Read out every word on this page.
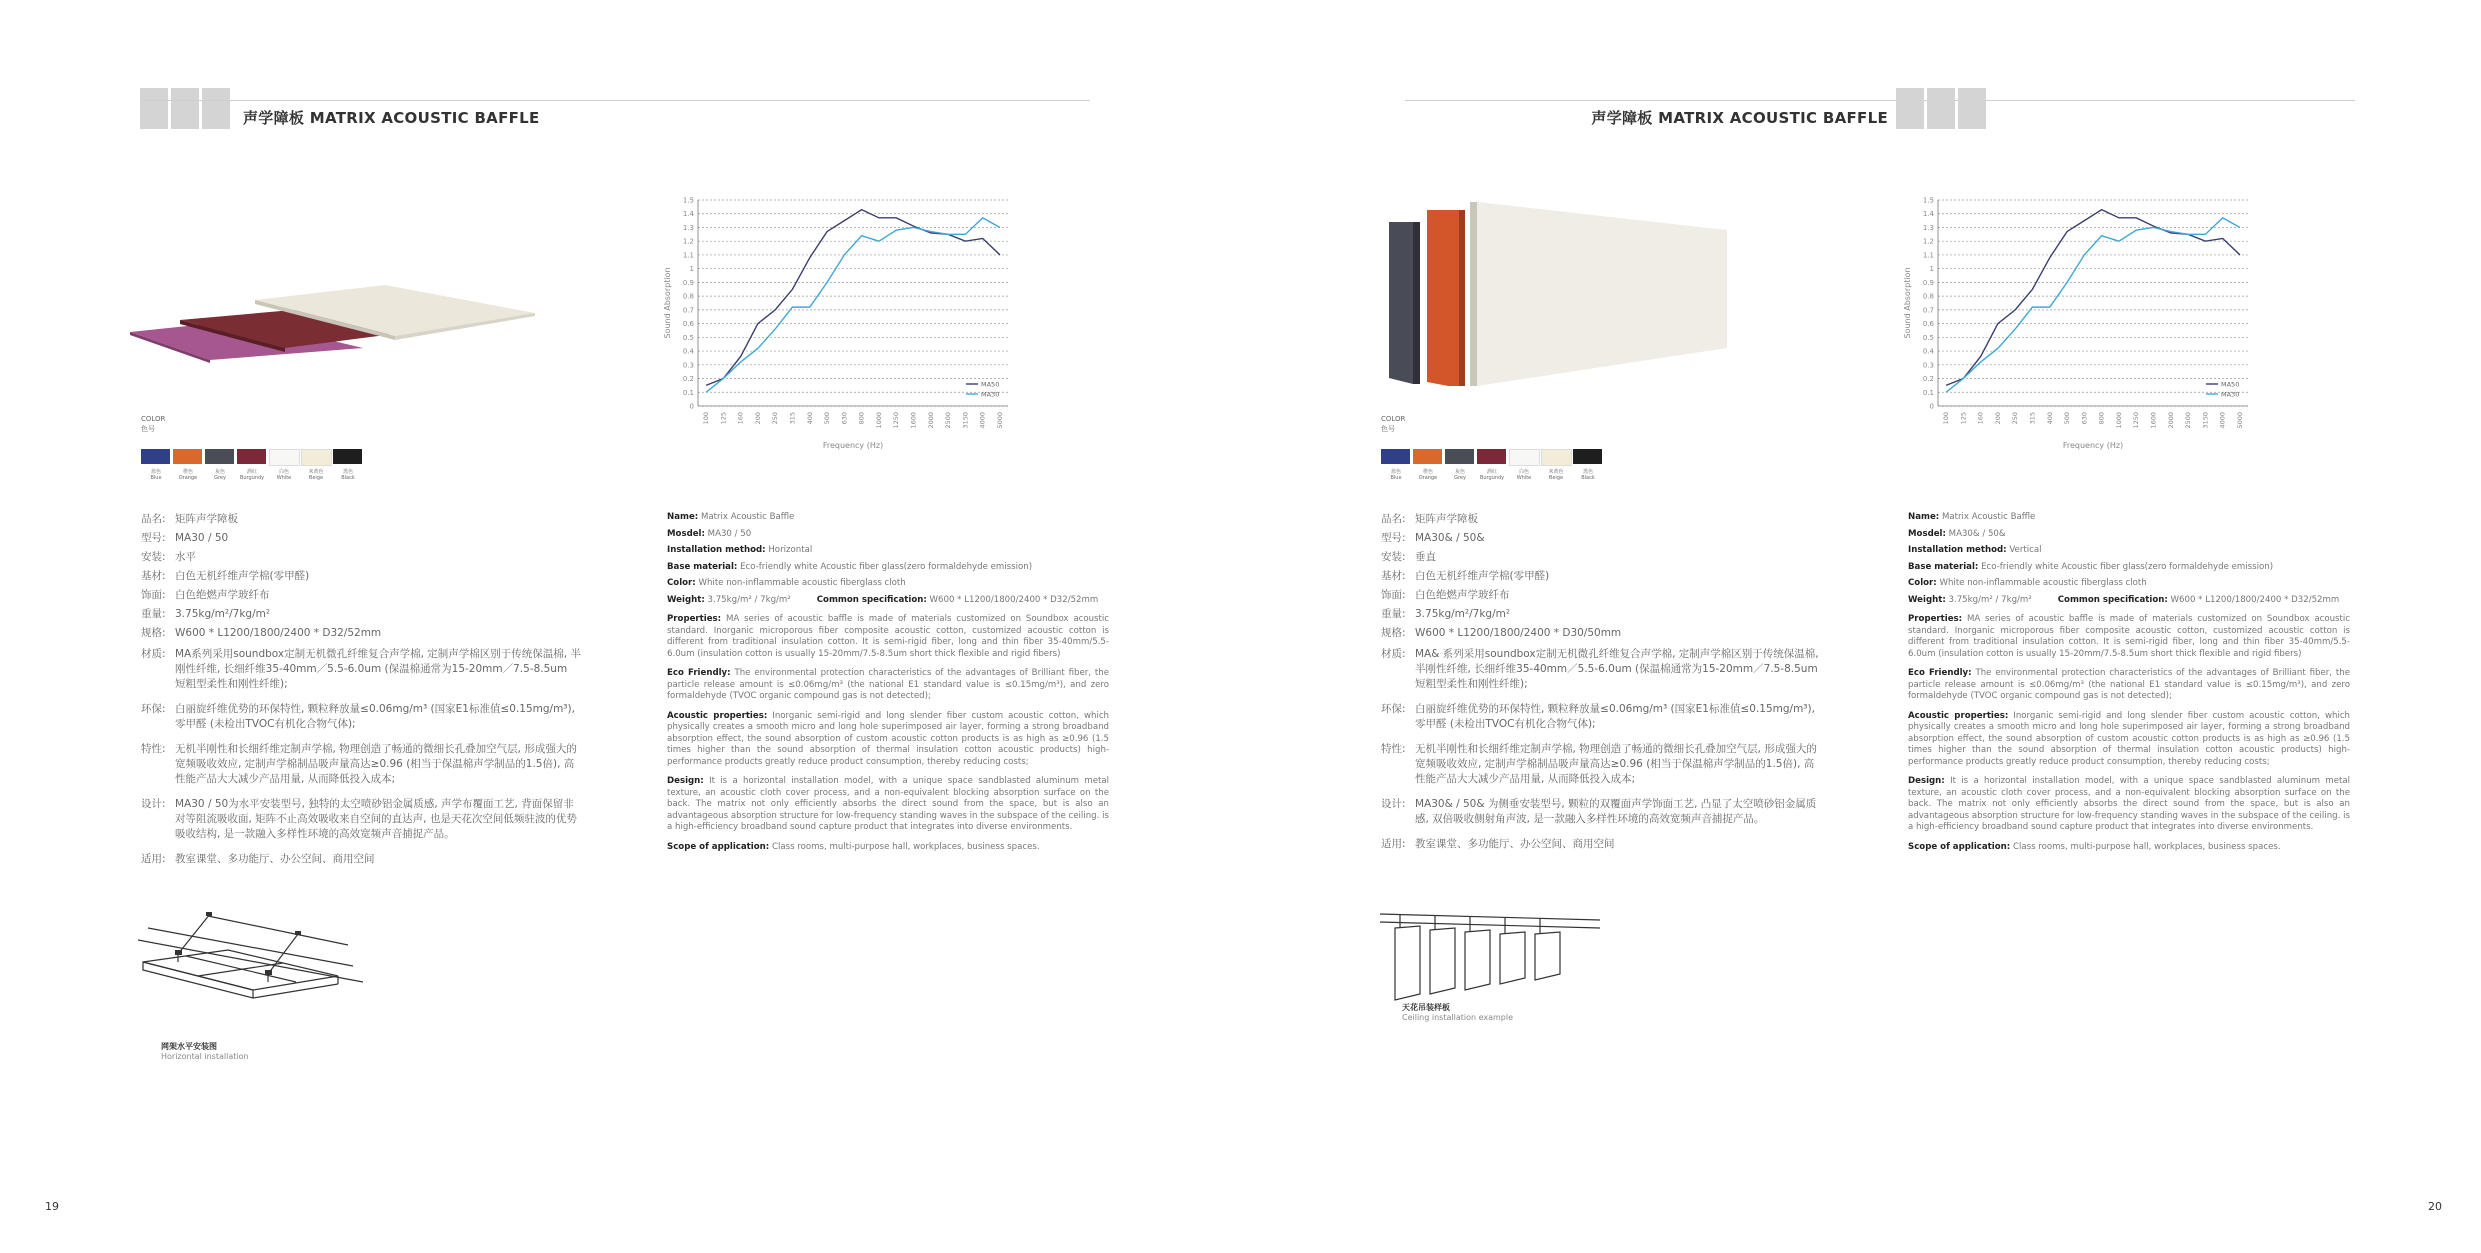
声学障板 MATRIX ACOUSTIC BAFFLE	声学障板 MATRIX ACOUSTIC BAFFLE
COLOR
色号
蓝色
Blue
橙色
Orange
灰色
Grey
酒红
Burgundy
白色
White
米黄色
Beige
黑色
Black
COLOR
色号
蓝色
Blue
橙色
Orange
灰色
Grey
酒红
Burgundy
白色
White
米黄色
Beige
黑色
Black
0
0.1
0.2
0.3
0.4
0.5
0.6
0.7
0.8
0.9
1
1.1
1.2
1.3
1.4
1.5
100 125 160 200 250 315 400 500 630 800 1000 1250 1600 2000 2500 3150 4000 5000
Frequency (Hz)
Sound Absorption
MA50
MA30
0
0.1
0.2
0.3
0.4
0.5
0.6
0.7
0.8
0.9
1
1.1
1.2
1.3
1.4
1.5
100 125 160 200 250 315 400 500 630 800 1000 1250 1600 2000 2500 3150 4000 5000
Frequency (Hz)
Sound Absorption
MA50
MA30
品名: 矩阵声学障板
型号: MA30 / 50
安装: 水平
基材: 白色无机纤维声学棉(零甲醛)
饰面: 白色绝燃声学玻纤布
重量: 3.75kg/m²/7kg/m²
规格: W600 * L1200/1800/2400 * D32/52mm
材质: MA系列采用soundbox定制无机微孔纤维复合声学棉, 定制声学棉区别于传统保温棉, 半刚性纤维, 长细纤维35-40mm／5.5-6.0um (保温棉通常为15-20mm／7.5-8.5um 短粗型柔性和刚性纤维);
环保: 白丽旋纤维优势的环保特性, 颗粒释放量≤0.06mg/m³ (国家E1标准值≤0.15mg/m³), 零甲醛 (未检出TVOC有机化合物气体);
特性: 无机半刚性和长细纤维定制声学棉, 物理创造了畅通的微细长孔叠加空气层, 形成强大的宽频吸收效应, 定制声学棉制品吸声量高达≥0.96 (相当于保温棉声学制品的1.5倍), 高性能产品大大减少产品用量, 从而降低投入成本;
设计: MA30 / 50为水平安装型号, 独特的太空喷砂铝金属质感, 声学布覆面工艺, 背面保留非对等阻流吸收面, 矩阵不止高效吸收来自空间的直达声, 也是天花次空间低频驻波的优势吸收结构, 是一款融入多样性环境的高效宽频声音捕捉产品。
适用: 教室课堂、多功能厅、办公空间、商用空间
品名: 矩阵声学障板
型号: MA30& / 50&
安装: 垂直
基材: 白色无机纤维声学棉(零甲醛)
饰面: 白色绝燃声学玻纤布
重量: 3.75kg/m²/7kg/m²
规格: W600 * L1200/1800/2400 * D30/50mm
材质: MA& 系列采用soundbox定制无机微孔纤维复合声学棉, 定制声学棉区别于传统保温棉, 半刚性纤维, 长细纤维35-40mm／5.5-6.0um (保温棉通常为15-20mm／7.5-8.5um 短粗型柔性和刚性纤维);
环保: 白丽旋纤维优势的环保特性, 颗粒释放量≤0.06mg/m³ (国家E1标准值≤0.15mg/m³), 零甲醛 (未检出TVOC有机化合物气体);
特性: 无机半刚性和长细纤维定制声学棉, 物理创造了畅通的微细长孔叠加空气层, 形成强大的宽频吸收效应, 定制声学棉制品吸声量高达≥0.96 (相当于保温棉声学制品的1.5倍), 高性能产品大大减少产品用量, 从而降低投入成本;
设计: MA30& / 50& 为侧垂安装型号, 颗粒的双覆面声学饰面工艺, 凸显了太空喷砂铝金属质感, 双倍吸收侧射角声波, 是一款融入多样性环境的高效宽频声音捕捉产品。
适用: 教室课堂、多功能厅、办公空间、商用空间
Name: Matrix Acoustic Baffle
Mosdel: MA30 / 50
Installation method: Horizontal
Base material: Eco-friendly white Acoustic fiber glass(zero formaldehyde emission)
Color: White non-inflammable acoustic fiberglass cloth
Weight: 3.75kg/m² / 7kg/m²	Common specification: W600 * L1200/1800/2400 * D32/52mm
Properties: MA series of acoustic baffle is made of materials customized on Soundbox acoustic standard. Inorganic microporous fiber composite acoustic cotton, customized acoustic cotton is different from traditional insulation cotton. It is semi-rigid fiber, long and thin fiber 35-40mm/5.5-6.0um (insulation cotton is usually 15-20mm/7.5-8.5um short thick flexible and rigid fibers)
Eco Friendly: The environmental protection characteristics of the advantages of Brilliant fiber, the particle release amount is ≤0.06mg/m³ (the national E1 standard value is ≤0.15mg/m³), and zero formaldehyde (TVOC organic compound gas is not detected);
Acoustic properties: Inorganic semi-rigid and long slender fiber custom acoustic cotton, which physically creates a smooth micro and long hole superimposed air layer, forming a strong broadband absorption effect, the sound absorption of custom acoustic cotton products is as high as ≥0.96 (1.5 times higher than the sound absorption of thermal insulation cotton acoustic products) high-performance products greatly reduce product consumption, thereby reducing costs;
Design: It is a horizontal installation model, with a unique space sandblasted aluminum metal texture, an acoustic cloth cover process, and a non-equivalent blocking absorption surface on the back. The matrix not only efficiently absorbs the direct sound from the space, but is also an advantageous absorption structure for low-frequency standing waves in the subspace of the ceiling. is a high-efficiency broadband sound capture product that integrates into diverse environments.
Scope of application: Class rooms, multi-purpose hall, workplaces, business spaces.
Name: Matrix Acoustic Baffle
Mosdel: MA30& / 50&
Installation method: Vertical
Base material: Eco-friendly white Acoustic fiber glass(zero formaldehyde emission)
Color: White non-inflammable acoustic fiberglass cloth
Weight: 3.75kg/m² / 7kg/m²	Common specification: W600 * L1200/1800/2400 * D32/52mm
Properties: MA series of acoustic baffle is made of materials customized on Soundbox acoustic standard. Inorganic microporous fiber composite acoustic cotton, customized acoustic cotton is different from traditional insulation cotton. It is semi-rigid fiber, long and thin fiber 35-40mm/5.5-6.0um (insulation cotton is usually 15-20mm/7.5-8.5um short thick flexible and rigid fibers)
Eco Friendly: The environmental protection characteristics of the advantages of Brilliant fiber, the particle release amount is ≤0.06mg/m³ (the national E1 standard value is ≤0.15mg/m³), and zero formaldehyde (TVOC organic compound gas is not detected);
Acoustic properties: Inorganic semi-rigid and long slender fiber custom acoustic cotton, which physically creates a smooth micro and long hole superimposed air layer, forming a strong broadband absorption effect, the sound absorption of custom acoustic cotton products is as high as ≥0.96 (1.5 times higher than the sound absorption of thermal insulation cotton acoustic products) high-performance products greatly reduce product consumption, thereby reducing costs;
Design: It is a horizontal installation model, with a unique space sandblasted aluminum metal texture, an acoustic cloth cover process, and a non-equivalent blocking absorption surface on the back. The matrix not only efficiently absorbs the direct sound from the space, but is also an advantageous absorption structure for low-frequency standing waves in the subspace of the ceiling. is a high-efficiency broadband sound capture product that integrates into diverse environments.
Scope of application: Class rooms, multi-purpose hall, workplaces, business spaces.
网架水平安装图
Horizontal installation
天花吊装样板
Ceiling installation example
19	20
